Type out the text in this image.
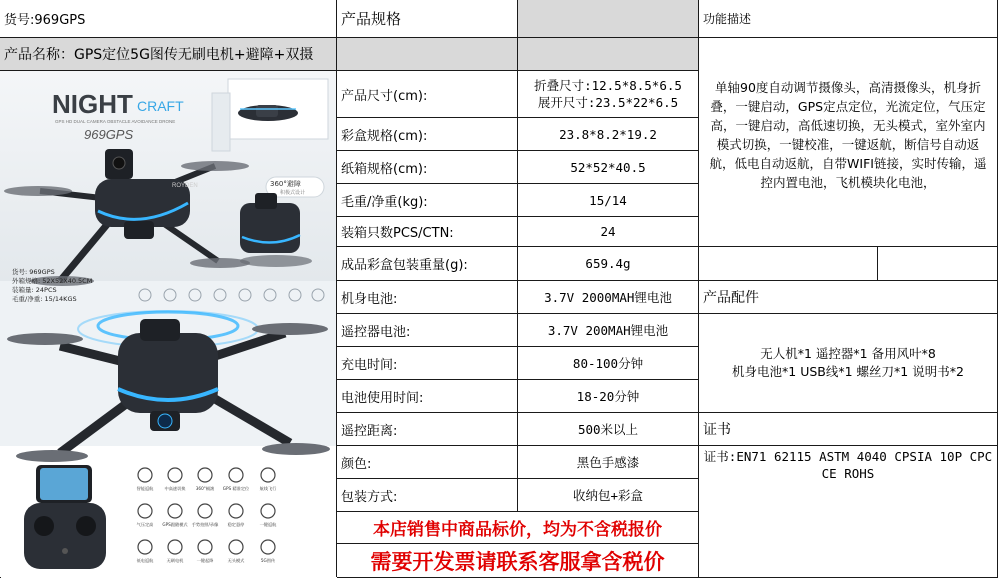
货号:969GPS	产品规格	功能描述
产品名称：GPS定位5G图传无刷电机+避障+双摄
NIGHT CRAFT
GPS HD DUAL CAMERA OBSTACLE AVOIDANCE DRONE
969GPS
ROYDEN	360°避障
积极式设计
货号: 969GPS
外箱规格: 52X52X40.5CM
装箱量: 24PCS
毛重/净重: 15/14KGS
智能返航	中高速切换 360°桶滚 GPS 精准定位 航线飞行
气压定高 GPS跟随模式 手势拍照/录像 稳定悬停	一键返航
低电返航	无刷电机	一键起降	无头模式	5G图传
产品尺寸(cm):
折叠尺寸:12.5*8.5*6.5
展开尺寸:23.5*22*6.5
彩盒规格(cm):	23.8*8.2*19.2
纸箱规格(cm):	52*52*40.5
毛重/净重(kg):	15/14
装箱只数PCS/CTN:	24
成品彩盒包装重量(g):	659.4g
机身电池:	3.7V 2000MAH锂电池
遥控器电池:	3.7V 200MAH锂电池
充电时间:	80-100分钟
电池使用时间:	18-20分钟
遥控距离:	500米以上
颜色:	黑色手感漆
包装方式:	收纳包+彩盒
本店销售中商品标价，均为不含税报价
需要开发票请联系客服拿含税价
单轴90度自动调节摄像头，高清摄像头，机身折叠，一键启动，GPS定点定位，光流定位，气压定高，一键启动，高低速切换，无头模式，室外室内模式切换，一键校准，一键返航，断信号自动返航，低电自动返航，自带WIFI链接，实时传输，遥控内置电池，飞机模块化电池，
产品配件
无人机*1 遥控器*1 备用风叶*8
机身电池*1 USB线*1 螺丝刀*1 说明书*2
证书
证书:EN71 62115 ASTM 4040 CPSIA 10P CPC CE ROHS
